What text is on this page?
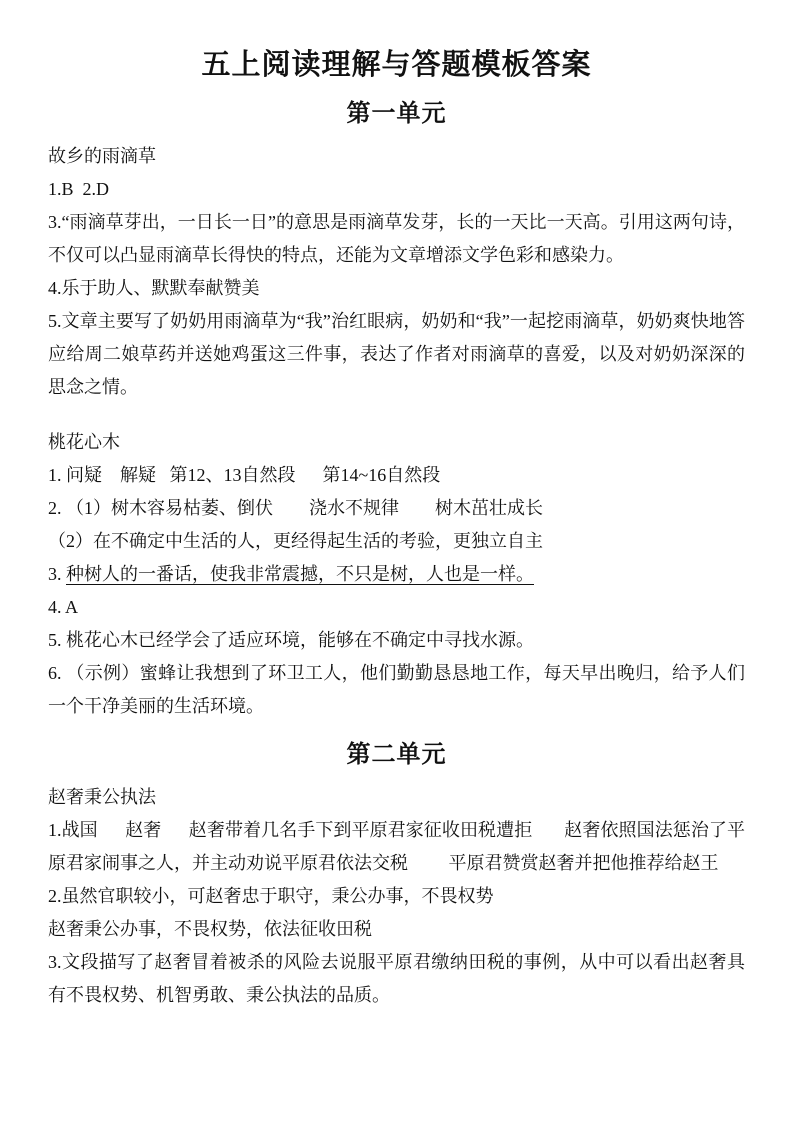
五上阅读理解与答题模板答案
第一单元

故乡的雨滴草

1.B  2.D

3.“雨滴草芽出，一日长一日”的意思是雨滴草发芽，长的一天比一天高。引用这两句诗，不仅可以凸显雨滴草长得快的特点，还能为文章增添文学色彩和感染力。

4.乐于助人、默默奉献赞美

5.文章主要写了奶奶用雨滴草为“我”治红眼病，奶奶和“我”一起挖雨滴草，奶奶爽快地答应给周二娘草药并送她鸡蛋这三件事，表达了作者对雨滴草的喜爱，以及对奶奶深深的思念之情。

桃花心木

1. 问疑    解疑   第12、13自然段      第14~16自然段

2. （1）树木容易枯萎、倒伏        浇水不规律        树木茁壮成长

（2）在不确定中生活的人，更经得起生活的考验，更独立自主

3. 种树人的一番话，使我非常震撼，不只是树，人也是一样。

4. A

5. 桃花心木已经学会了适应环境，能够在不确定中寻找水源。

6. （示例）蜜蜂让我想到了环卫工人，他们勤勤恳恳地工作，每天早出晚归，给予人们一个干净美丽的生活环境。

第二单元

赵奢秉公执法

1.战国      赵奢      赵奢带着几名手下到平原君家征收田税遭拒       赵奢依照国法惩治了平原君家闹事之人，并主动劝说平原君依法交税         平原君赞赏赵奢并把他推荐给赵王

2.虽然官职较小，可赵奢忠于职守，秉公办事，不畏权势

赵奢秉公办事，不畏权势，依法征收田税

3.文段描写了赵奢冒着被杀的风险去说服平原君缴纳田税的事例，从中可以看出赵奢具有不畏权势、机智勇敢、秉公执法的品质。
